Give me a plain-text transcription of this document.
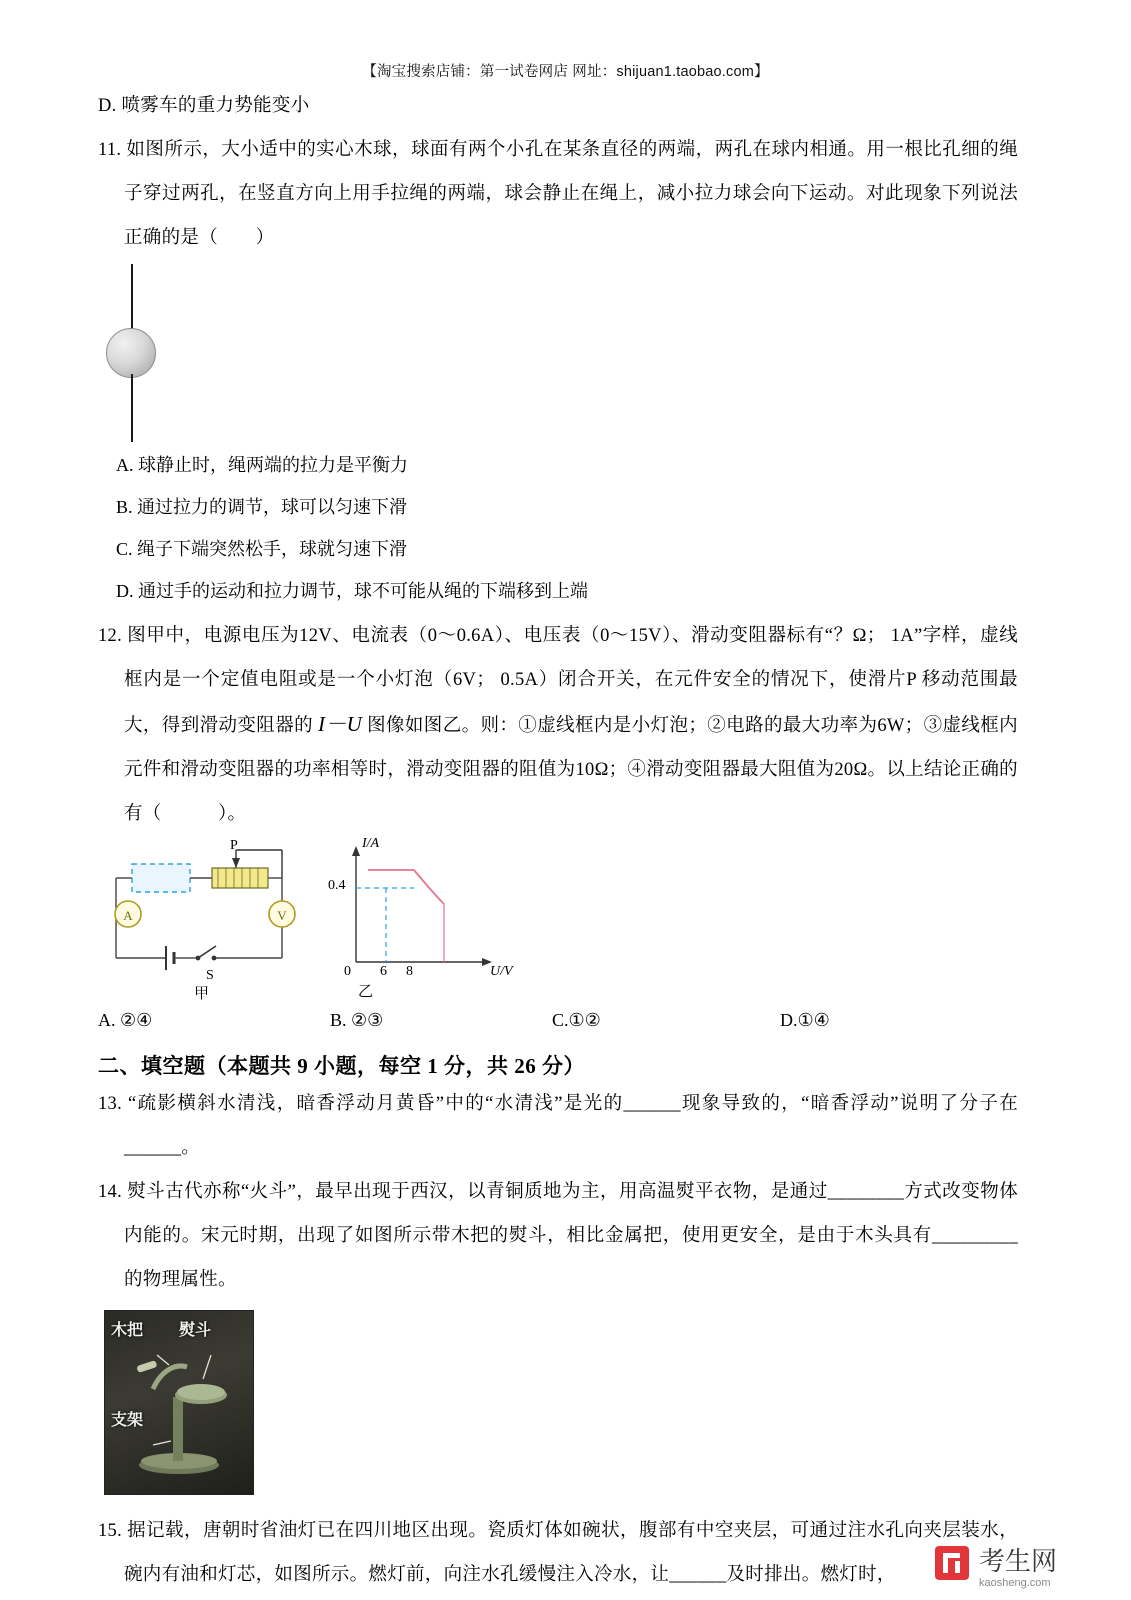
【淘宝搜索店铺：第一试卷网店 网址：shijuan1.taobao.com】

D. 喷雾车的重力势能变小

11. 如图所示，大小适中的实心木球，球面有两个小孔在某条直径的两端，两孔在球内相通。用一根比孔细的绳子穿过两孔，在竖直方向上用手拉绳的两端，球会静止在绳上，减小拉力球会向下运动。对此现象下列说法正确的是（　　）

A. 球静止时，绳两端的拉力是平衡力

B. 通过拉力的调节，球可以匀速下滑

C. 绳子下端突然松手，球就匀速下滑

D. 通过手的运动和拉力调节，球不可能从绳的下端移到上端

12. 图甲中，电源电压为12V、电流表（0～0.6A）、电压表（0～15V）、滑动变阻器标有“？Ω； 1A”字样，虚线框内是一个定值电阻或是一个小灯泡（6V； 0.5A）闭合开关，在元件安全的情况下，使滑片P 移动范围最大，得到滑动变阻器的 I－U 图像如图乙。则：①虚线框内是小灯泡；②电路的最大功率为6W；③虚线框内元件和滑动变阻器的功率相等时，滑动变阻器的阻值为10Ω；④滑动变阻器最大阻值为20Ω。以上结论正确的有（　　　）。

A	V
P
S
甲
I/A
U/V
0.4
0 6 8
乙
A. ②④	B. ②③	C.①②	D.①④
二、填空题（本题共 9 小题，每空 1 分，共 26 分）

13. “疏影横斜水清浅，暗香浮动月黄昏”中的“水清浅”是光的______现象导致的，“暗香浮动”说明了分子在______。

14. 熨斗古代亦称“火斗”，最早出现于西汉，以青铜质地为主，用高温熨平衣物，是通过________方式改变物体内能的。宋元时期，出现了如图所示带木把的熨斗，相比金属把，使用更安全，是由于木头具有_________的物理属性。

木把 熨斗
支架

15. 据记载，唐朝时省油灯已在四川地区出现。瓷质灯体如碗状，腹部有中空夹层，可通过注水孔向夹层装水，碗内有油和灯芯，如图所示。燃灯前，向注水孔缓慢注入冷水，让______及时排出。燃灯时，	考生网
kaosheng.com
